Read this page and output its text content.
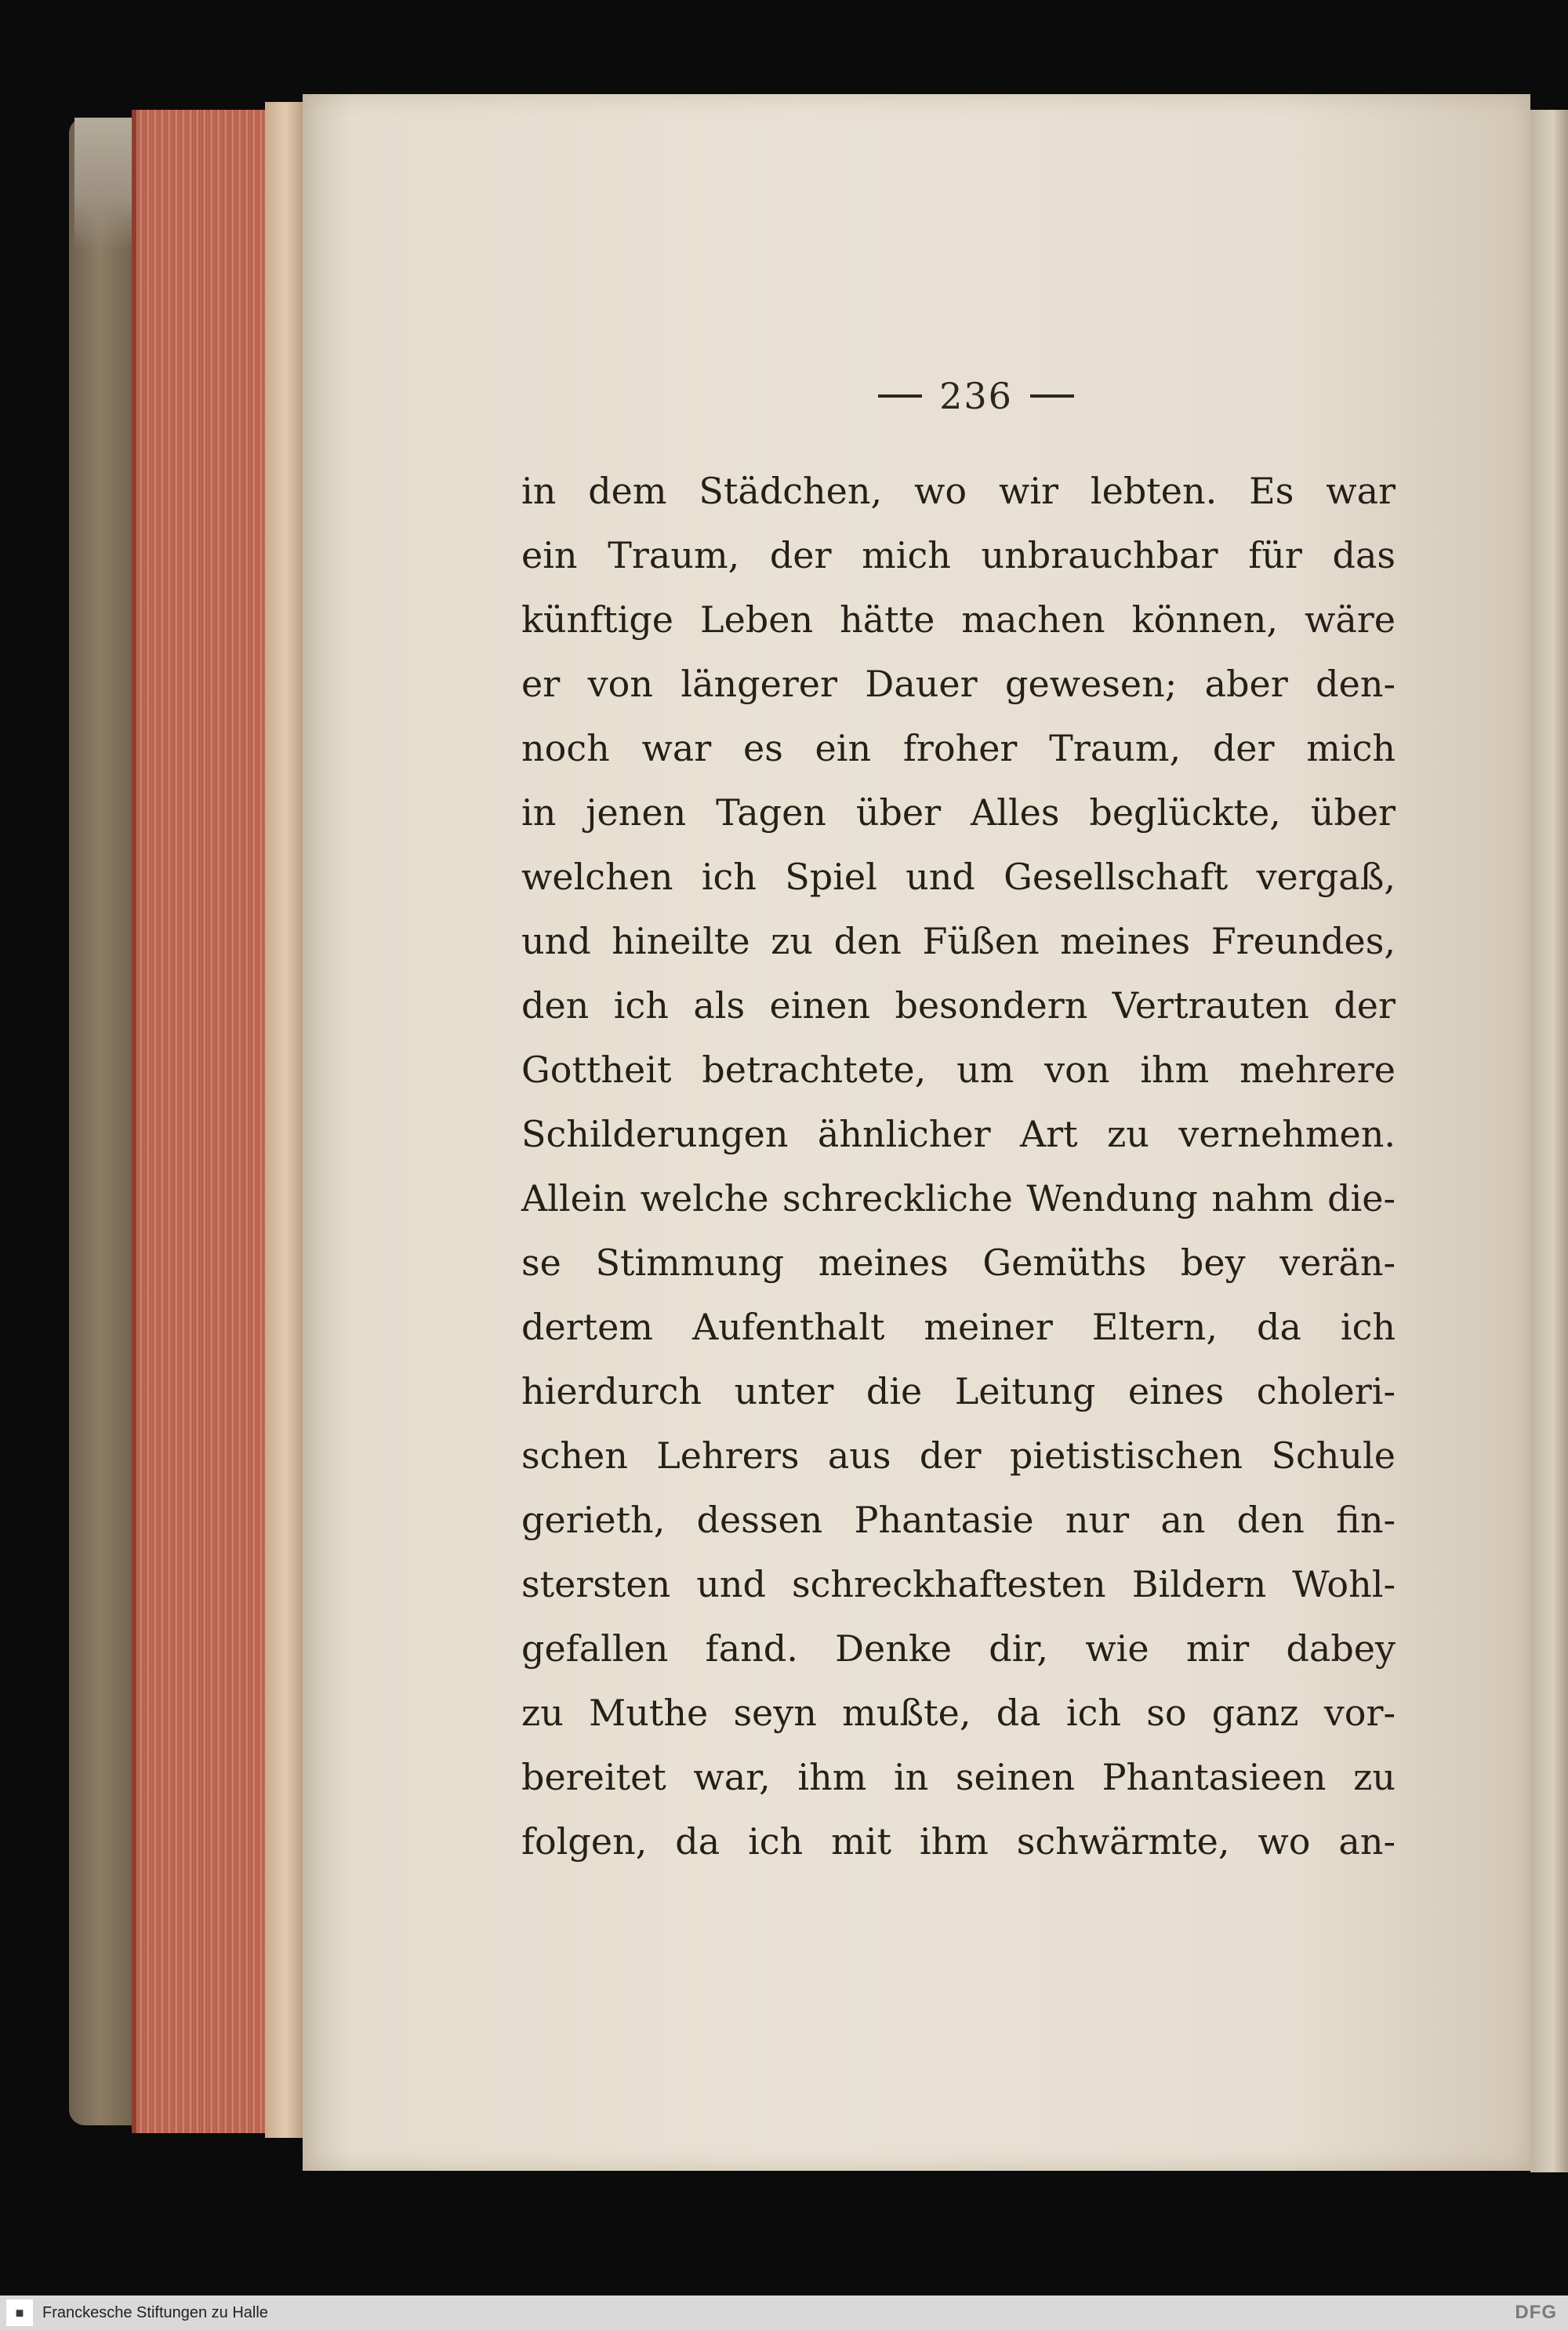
236
in dem Städchen, wo wir lebten. Es war
ein Traum, der mich unbrauchbar für das
künftige Leben hätte machen können, wäre
er von längerer Dauer gewesen; aber den-
noch war es ein froher Traum, der mich
in jenen Tagen über Alles beglückte, über
welchen ich Spiel und Gesellschaft vergaß,
und hineilte zu den Füßen meines Freundes,
den ich als einen besondern Vertrauten der
Gottheit betrachtete, um von ihm mehrere
Schilderungen ähnlicher Art zu vernehmen.
Allein welche schreckliche Wendung nahm die-
se Stimmung meines Gemüths bey verän-
dertem Aufenthalt meiner Eltern, da ich
hierdurch unter die Leitung eines choleri-
schen Lehrers aus der pietistischen Schule
gerieth, dessen Phantasie nur an den fin-
stersten und schreckhaftesten Bildern Wohl-
gefallen fand. Denke dir, wie mir dabey
zu Muthe seyn mußte, da ich so ganz vor-
bereitet war, ihm in seinen Phantasieen zu
folgen, da ich mit ihm schwärmte, wo an-
■	Franckesche Stiftungen zu Halle	DFG
